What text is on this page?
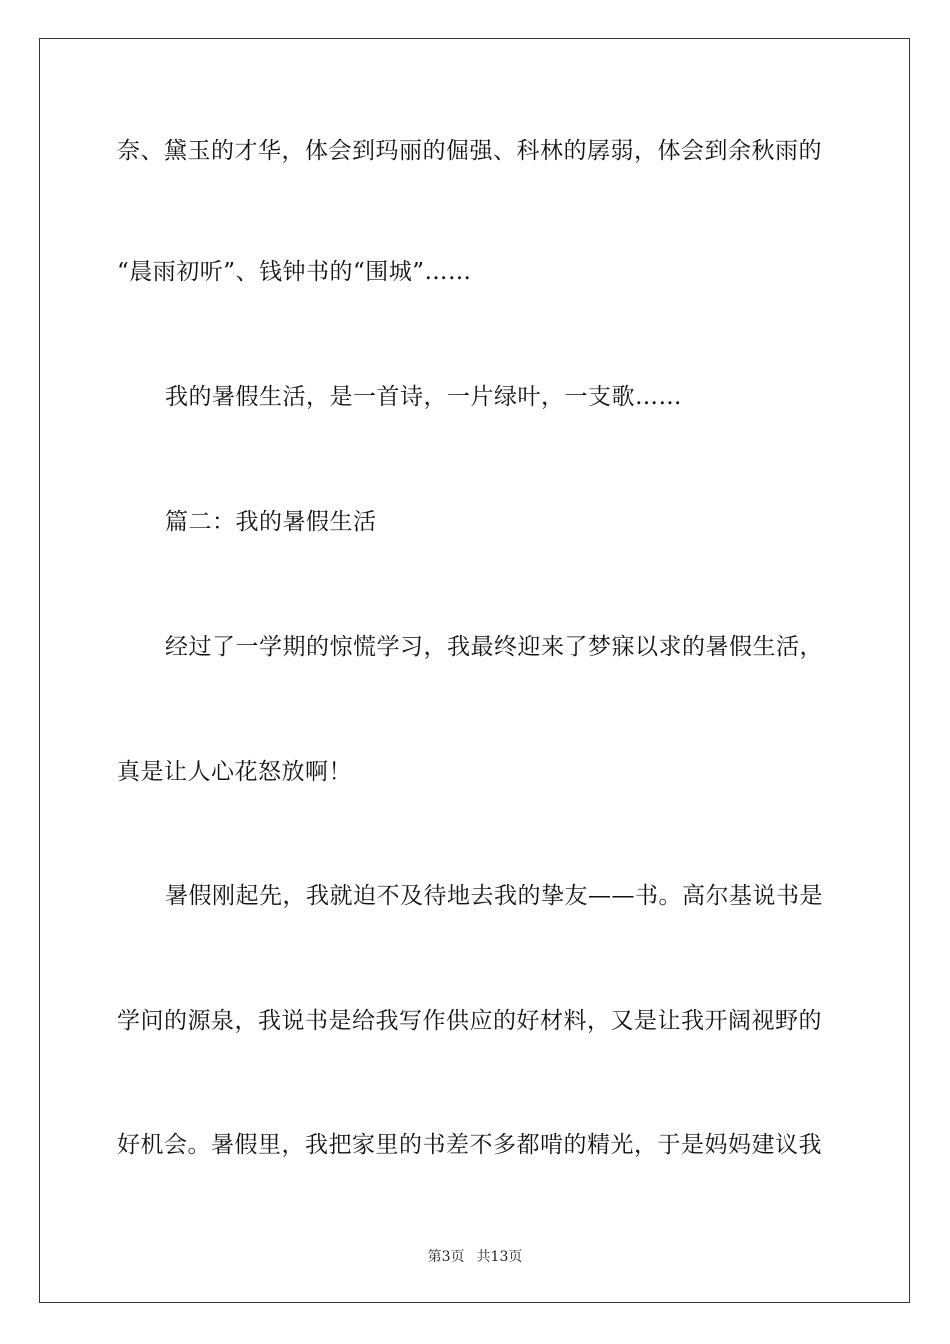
奈、黛玉的才华，体会到玛丽的倔强、科林的孱弱，体会到余秋雨的
“晨雨初听”、钱钟书的“围城”……
我的暑假生活，是一首诗，一片绿叶，一支歌……
篇二：我的暑假生活
经过了一学期的惊慌学习，我最终迎来了梦寐以求的暑假生活，
真是让人心花怒放啊！
暑假刚起先，我就迫不及待地去我的挚友——书。高尔基说书是
学问的源泉，我说书是给我写作供应的好材料，又是让我开阔视野的
好机会。暑假里，我把家里的书差不多都啃的精光，于是妈妈建议我
第3页 共13页
